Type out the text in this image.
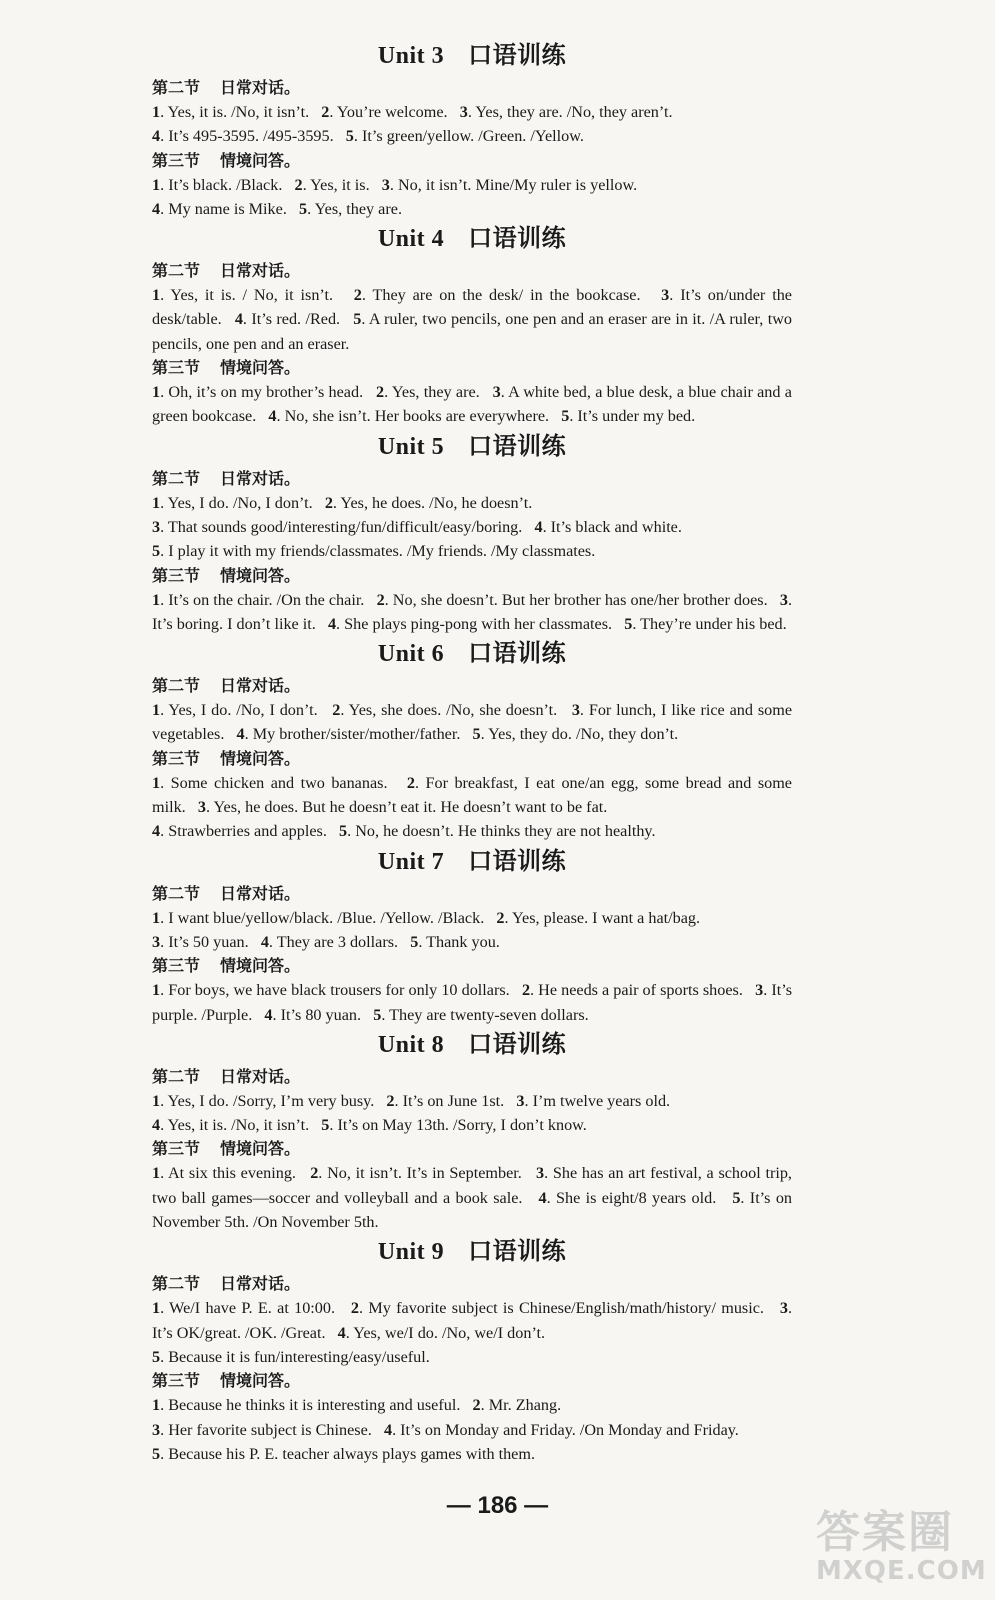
Unit 3 口语训练
第二节 日常对话。
1. Yes, it is. /No, it isn’t.   2. You’re welcome.   3. Yes, they are. /No, they aren’t.
4. It’s 495-3595. /495-3595.   5. It’s green/yellow. /Green. /Yellow.
第三节 情境问答。
1. It’s black. /Black.   2. Yes, it is.   3. No, it isn’t. Mine/My ruler is yellow.
4. My name is Mike.   5. Yes, they are.
Unit 4 口语训练
第二节 日常对话。
1. Yes, it is. / No, it isn’t.   2. They are on the desk/ in the bookcase.   3. It’s on/under the desk/table.   4. It’s red. /Red.   5. A ruler, two pencils, one pen and an eraser are in it. /A ruler, two pencils, one pen and an eraser.
第三节 情境问答。
1. Oh, it’s on my brother’s head.   2. Yes, they are.   3. A white bed, a blue desk, a blue chair and a green bookcase.   4. No, she isn’t. Her books are everywhere.   5. It’s under my bed.
Unit 5 口语训练
第二节 日常对话。
1. Yes, I do. /No, I don’t.   2. Yes, he does. /No, he doesn’t.
3. That sounds good/interesting/fun/difficult/easy/boring.   4. It’s black and white.
5. I play it with my friends/classmates. /My friends. /My classmates.
第三节 情境问答。
1. It’s on the chair. /On the chair.   2. No, she doesn’t. But her brother has one/her brother does.   3. It’s boring. I don’t like it.   4. She plays ping-pong with her classmates.   5. They’re under his bed.
Unit 6 口语训练
第二节 日常对话。
1. Yes, I do. /No, I don’t.   2. Yes, she does. /No, she doesn’t.   3. For lunch, I like rice and some vegetables.   4. My brother/sister/mother/father.   5. Yes, they do. /No, they don’t.
第三节 情境问答。
1. Some chicken and two bananas.   2. For breakfast, I eat one/an egg, some bread and some milk.   3. Yes, he does. But he doesn’t eat it. He doesn’t want to be fat.
4. Strawberries and apples.   5. No, he doesn’t. He thinks they are not healthy.
Unit 7 口语训练
第二节 日常对话。
1. I want blue/yellow/black. /Blue. /Yellow. /Black.   2. Yes, please. I want a hat/bag.
3. It’s 50 yuan.   4. They are 3 dollars.   5. Thank you.
第三节 情境问答。
1. For boys, we have black trousers for only 10 dollars.   2. He needs a pair of sports shoes.   3. It’s purple. /Purple.   4. It’s 80 yuan.   5. They are twenty-seven dollars.
Unit 8 口语训练
第二节 日常对话。
1. Yes, I do. /Sorry, I’m very busy.   2. It’s on June 1st.   3. I’m twelve years old.
4. Yes, it is. /No, it isn’t.   5. It’s on May 13th. /Sorry, I don’t know.
第三节 情境问答。
1. At six this evening.   2. No, it isn’t. It’s in September.   3. She has an art festival, a school trip, two ball games—soccer and volleyball and a book sale.   4. She is eight/8 years old.   5. It’s on November 5th. /On November 5th.
Unit 9 口语训练
第二节 日常对话。
1. We/I have P. E. at 10:00.   2. My favorite subject is Chinese/English/math/history/ music.   3. It’s OK/great. /OK. /Great.   4. Yes, we/I do. /No, we/I don’t.
5. Because it is fun/interesting/easy/useful.
第三节 情境问答。
1. Because he thinks it is interesting and useful.   2. Mr. Zhang.
3. Her favorite subject is Chinese.   4. It’s on Monday and Friday. /On Monday and Friday.
5. Because his P. E. teacher always plays games with them.
— 186 —
答案圈
MXQE.COM
